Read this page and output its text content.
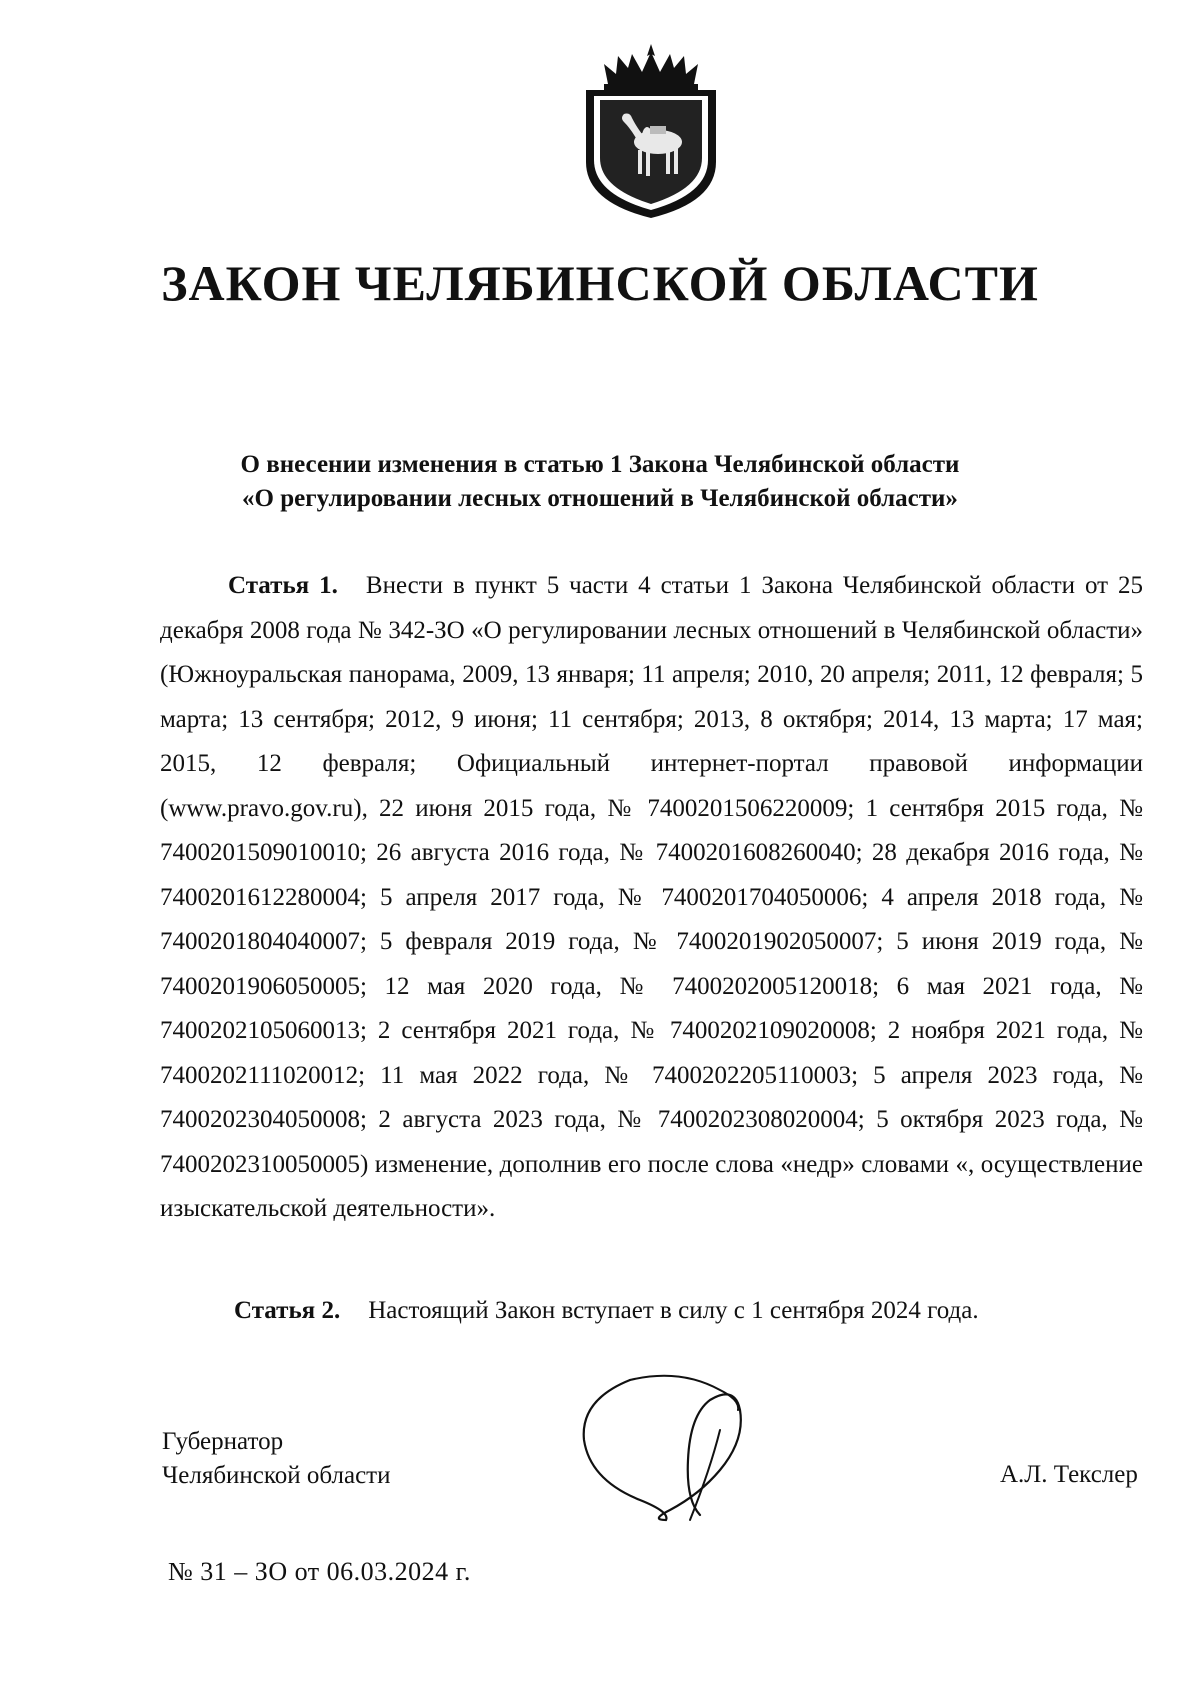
ЗАКОН ЧЕЛЯБИНСКОЙ ОБЛАСТИ

О внесении изменения в статью 1 Закона Челябинской области
«О регулировании лесных отношений в Челябинской области»

Статья 1. Внести в пункт 5 части 4 статьи 1 Закона Челябинской области от 25 декабря 2008 года № 342-ЗО «О регулировании лесных отношений в Челябинской области» (Южноуральская панорама, 2009, 13 января; 11 апреля; 2010, 20 апреля; 2011, 12 февраля; 5 марта; 13 сентября; 2012, 9 июня; 11 сентября; 2013, 8 октября; 2014, 13 марта; 17 мая; 2015, 12 февраля; Официальный интернет-портал правовой информации (www.pravo.gov.ru), 22 июня 2015 года, № 7400201506220009; 1 сентября 2015 года, № 7400201509010010; 26 августа 2016 года, № 7400201608260040; 28 декабря 2016 года, № 7400201612280004; 5 апреля 2017 года, № 7400201704050006; 4 апреля 2018 года, № 7400201804040007; 5 февраля 2019 года, № 7400201902050007; 5 июня 2019 года, № 7400201906050005; 12 мая 2020 года, № 7400202005120018; 6 мая 2021 года, № 7400202105060013; 2 сентября 2021 года, № 7400202109020008; 2 ноября 2021 года, № 7400202111020012; 11 мая 2022 года, № 7400202205110003; 5 апреля 2023 года, № 7400202304050008; 2 августа 2023 года, № 7400202308020004; 5 октября 2023 года, № 7400202310050005) изменение, дополнив его после слова «недр» словами «, осуществление изыскательской деятельности».

Статья 2. Настоящий Закон вступает в силу с 1 сентября 2024 года.

Губернатор
Челябинской области	А.Л. Текслер
№ 31 – ЗО от 06.03.2024 г.
